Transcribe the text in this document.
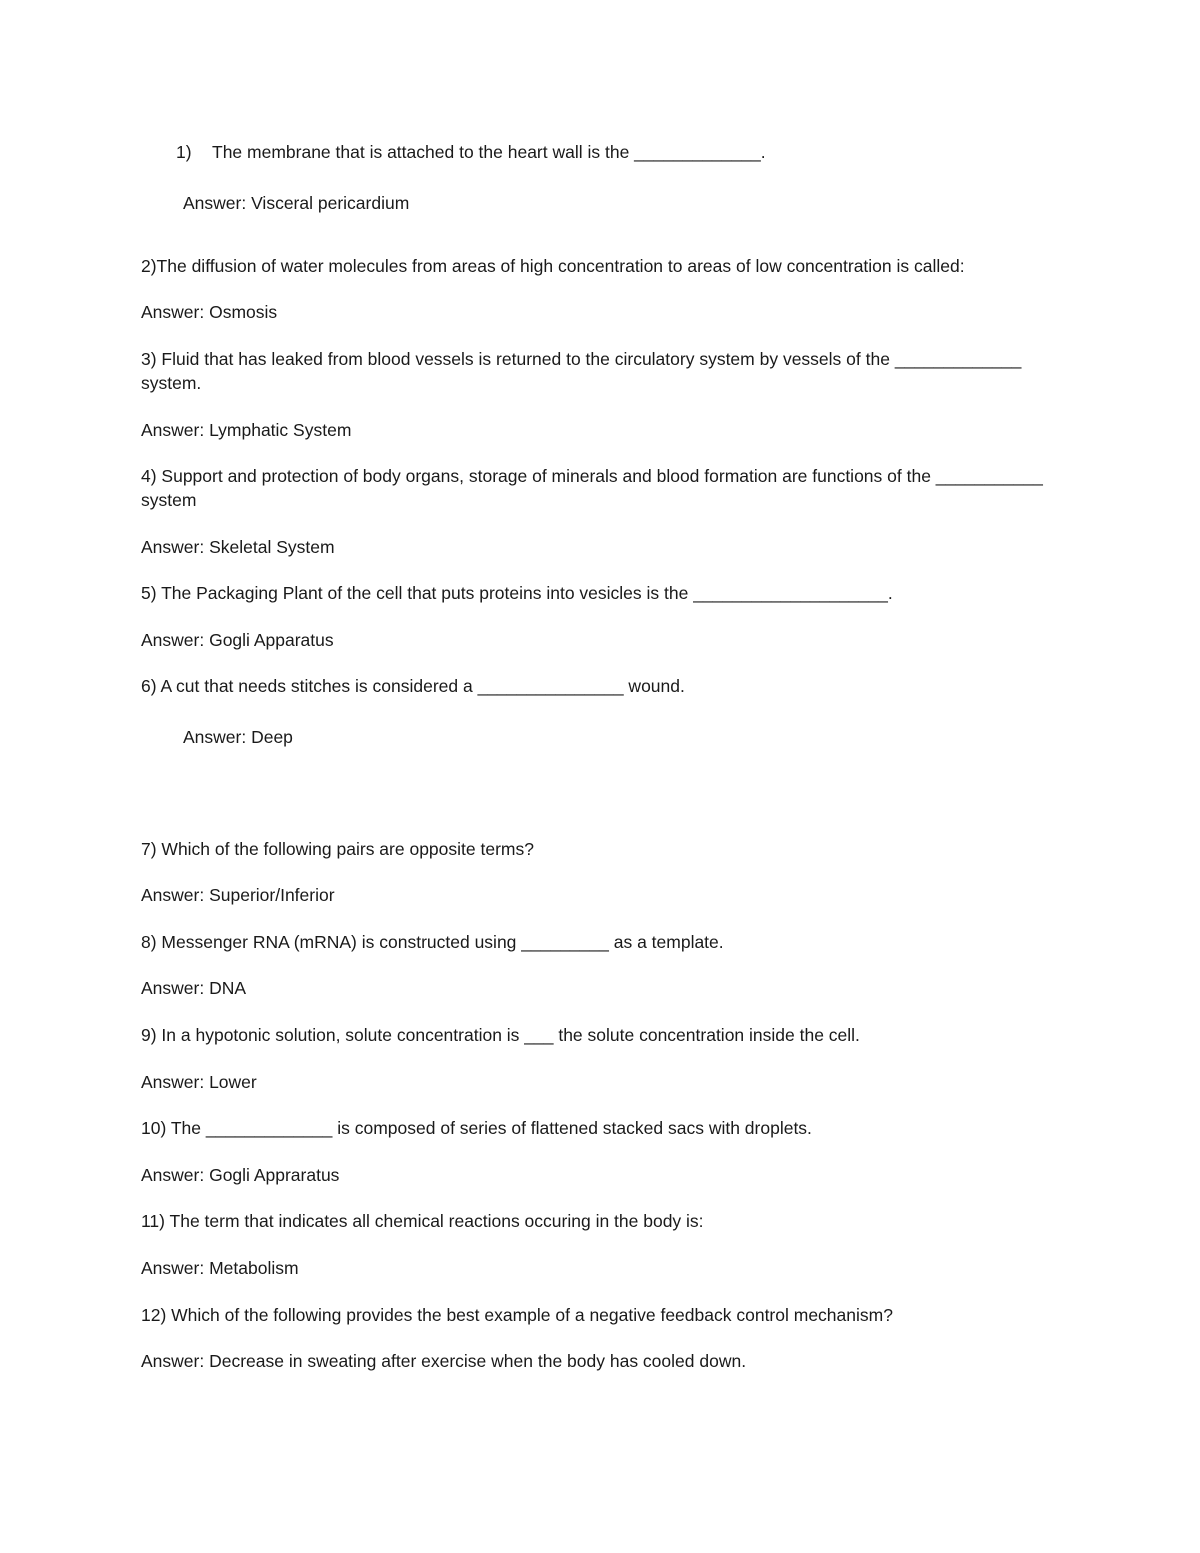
1) The membrane that is attached to the heart wall is the _____________.
Answer: Visceral pericardium
2)The diffusion of water molecules from areas of high concentration to areas of low concentration is called:
Answer: Osmosis
3) Fluid that has leaked from blood vessels is returned to the circulatory system by vessels of the _____________
system.
Answer: Lymphatic System
4) Support and protection of body organs, storage of minerals and blood formation are functions of the ___________
system
Answer: Skeletal System
5) The Packaging Plant of the cell that puts proteins into vesicles is the ____________________.
Answer: Gogli Apparatus
6) A cut that needs stitches is considered a _______________ wound.
Answer: Deep
7) Which of the following pairs are opposite terms?
Answer: Superior/Inferior
8) Messenger RNA (mRNA) is constructed using _________ as a template.
Answer: DNA
9) In a hypotonic solution, solute concentration is ___ the solute concentration inside the cell.
Answer: Lower
10) The _____________ is composed of series of flattened stacked sacs with droplets.
Answer: Gogli Appraratus
11) The term that indicates all chemical reactions occuring in the body is:
Answer: Metabolism
12) Which of the following provides the best example of a negative feedback control mechanism?
Answer: Decrease in sweating after exercise when the body has cooled down.
